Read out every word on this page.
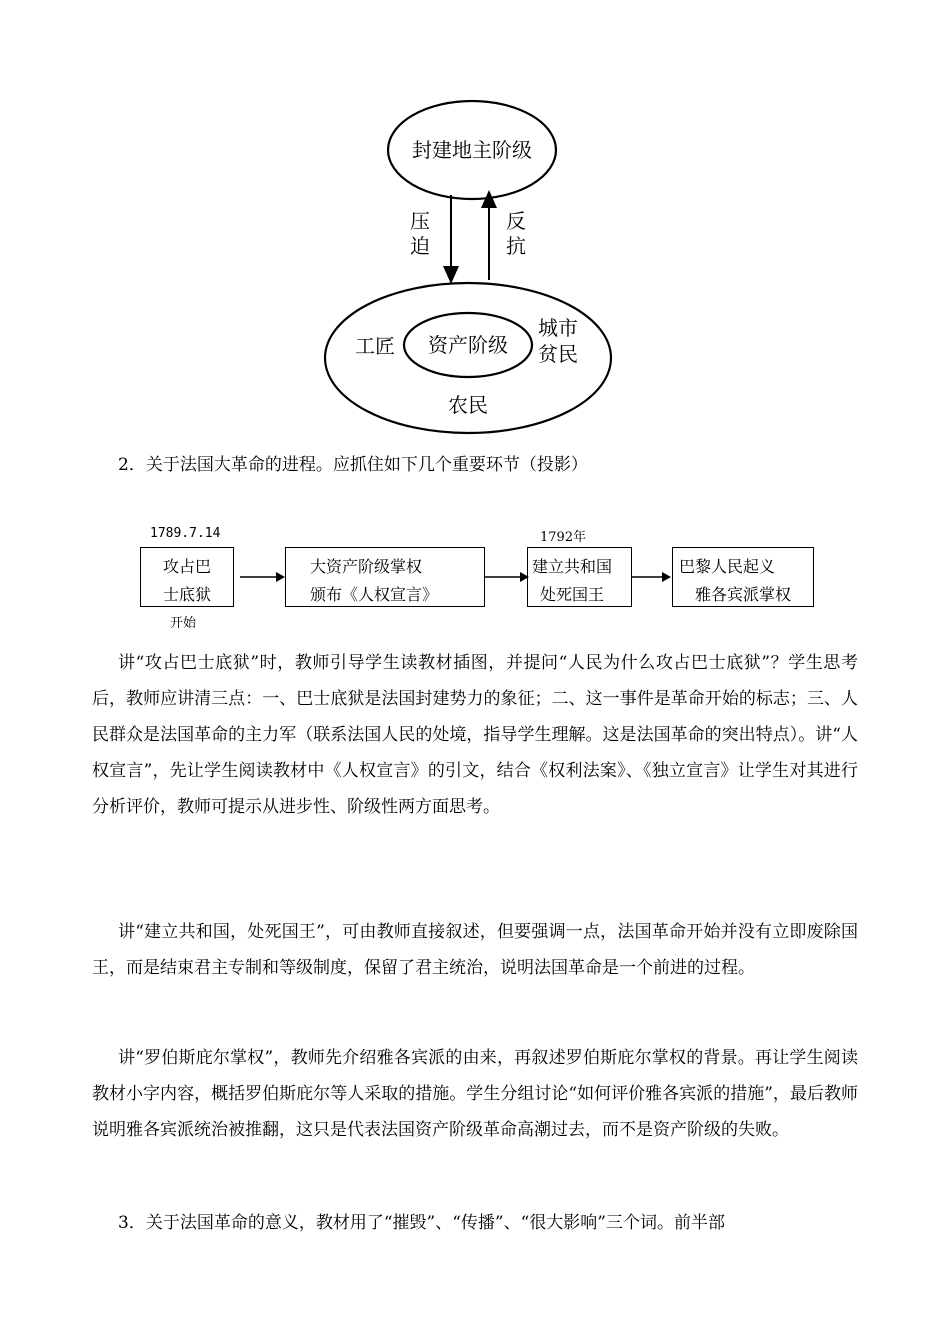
封建地主阶级
压
迫
反
抗
资产阶级
工匠
城市
贫民
农民
2．关于法国大革命的进程。应抓住如下几个重要环节（投影）
1789.7.14
攻占巴
士底狱
开始
大资产阶级掌权
颁布《人权宣言》
1792年
建立共和国
处死国王
巴黎人民起义
雅各宾派掌权

讲“攻占巴士底狱”时，教师引导学生读教材插图，并提问“人民为什么攻占巴士底狱”？学生思考后，教师应讲清三点：一、巴士底狱是法国封建势力的象征；二、这一事件是革命开始的标志；三、人民群众是法国革命的主力军（联系法国人民的处境，指导学生理解。这是法国革命的突出特点）。讲“人权宣言”，先让学生阅读教材中《人权宣言》的引文，结合《权利法案》、《独立宣言》让学生对其进行分析评价，教师可提示从进步性、阶级性两方面思考。

讲“建立共和国，处死国王”，可由教师直接叙述，但要强调一点，法国革命开始并没有立即废除国王，而是结束君主专制和等级制度，保留了君主统治，说明法国革命是一个前进的过程。

讲“罗伯斯庇尔掌权”，教师先介绍雅各宾派的由来，再叙述罗伯斯庇尔掌权的背景。再让学生阅读教材小字内容，概括罗伯斯庇尔等人采取的措施。学生分组讨论“如何评价雅各宾派的措施”，最后教师说明雅各宾派统治被推翻，这只是代表法国资产阶级革命高潮过去，而不是资产阶级的失败。

3．关于法国革命的意义，教材用了“摧毁”、“传播”、“很大影响”三个词。前半部
